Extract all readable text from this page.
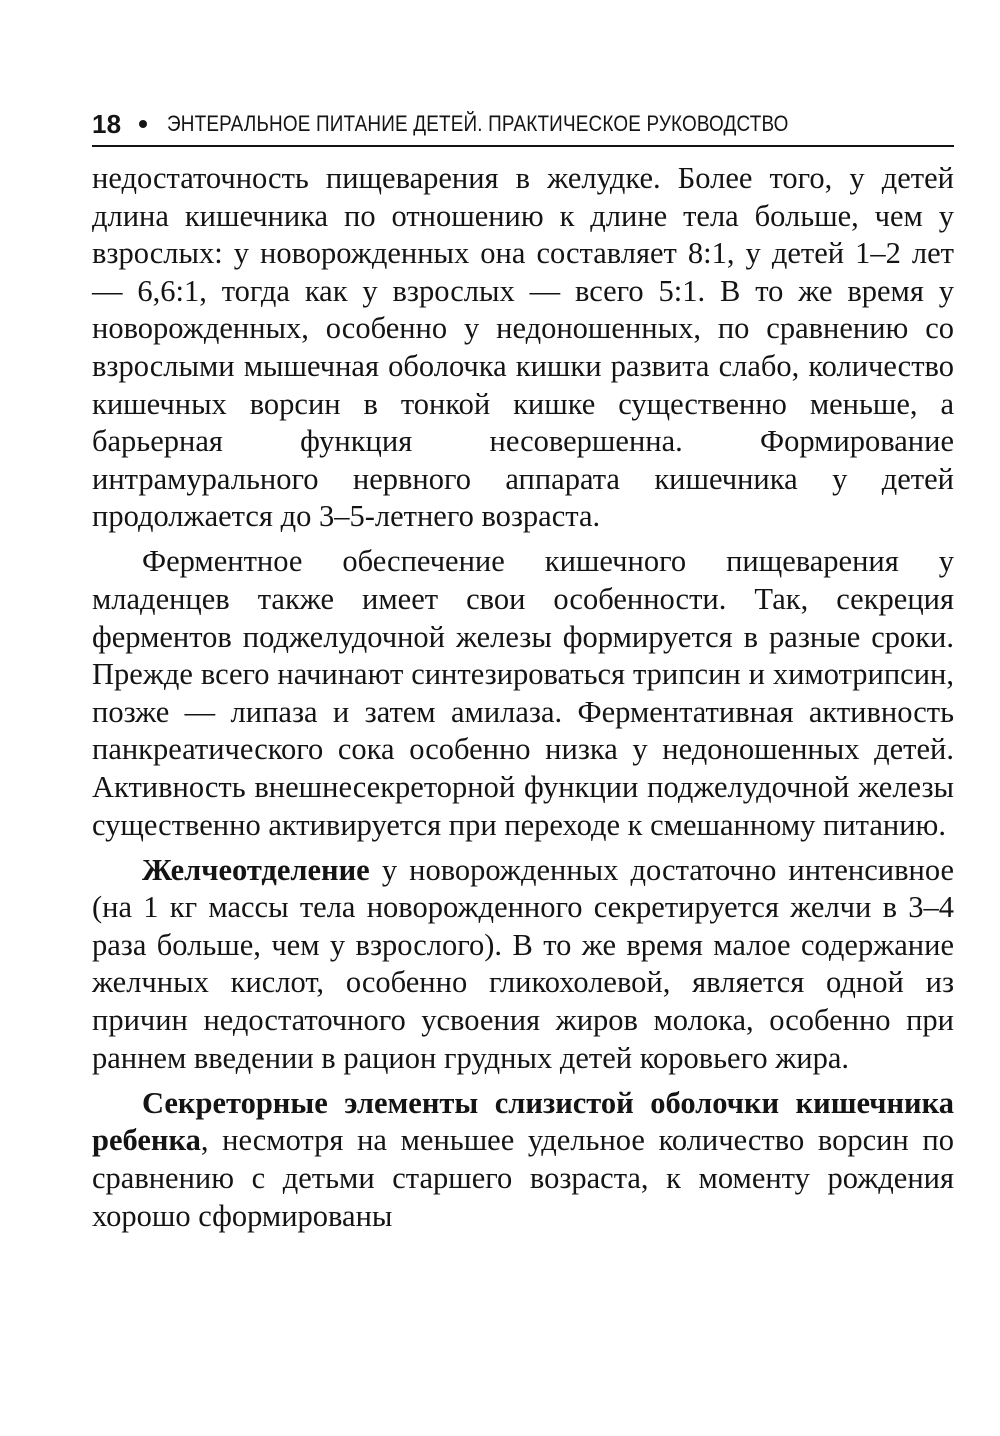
18 ЭНТЕРАЛЬНОЕ ПИТАНИЕ ДЕТЕЙ. ПРАКТИЧЕСКОЕ РУКОВОДСТВО

недостаточность пищеварения в желудке. Более того, у детей длина кишечника по отношению к длине тела больше, чем у взрослых: у новорожденных она составляет 8:1, у детей 1–2 лет — 6,6:1, тогда как у взрослых — всего 5:1. В то же время у новорожденных, особенно у недоношенных, по сравнению со взрослыми мышечная оболочка кишки развита слабо, количество кишечных ворсин в тонкой кишке существенно меньше, а барьерная функция несовершенна. Формирование интрамурального нервного аппарата кишечника у детей продолжается до 3–5-летнего возраста.

Ферментное обеспечение кишечного пищеварения у младенцев также имеет свои особенности. Так, секреция ферментов поджелудочной железы формируется в разные сроки. Прежде всего начинают синтезироваться трипсин и химотрипсин, позже — липаза и затем амилаза. Ферментативная активность панкреатического сока особенно низка у недоношенных детей. Активность внешнесекреторной функции поджелудочной железы существенно активируется при переходе к смешанному питанию.

Желчеотделение у новорожденных достаточно интенсивное (на 1 кг массы тела новорожденного секретируется желчи в 3–4 раза больше, чем у взрослого). В то же время малое содержание желчных кислот, особенно гликохолевой, является одной из причин недостаточного усвоения жиров молока, особенно при раннем введении в рацион грудных детей коровьего жира.

Секреторные элементы слизистой оболочки кишечника ребенка, несмотря на меньшее удельное количество ворсин по сравнению с детьми старшего возраста, к моменту рождения хорошо сформированы
